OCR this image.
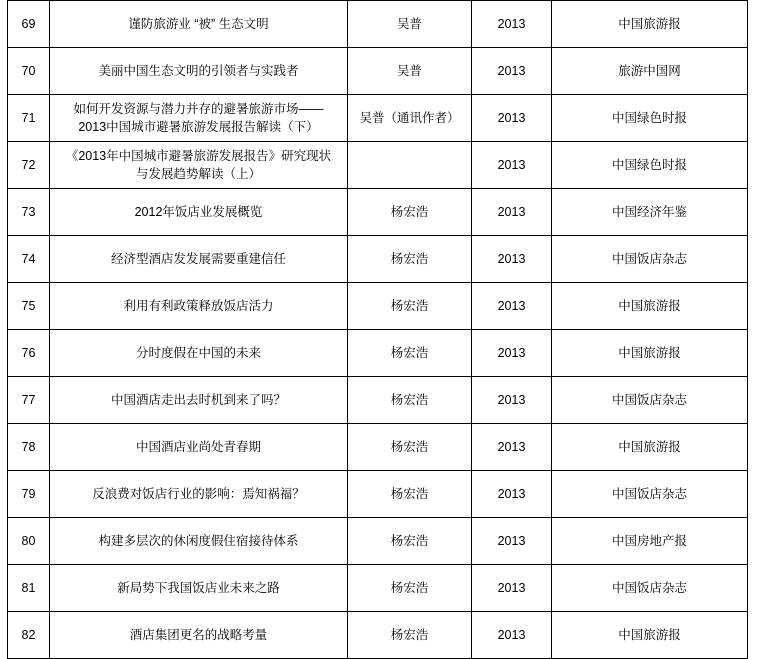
69	谨防旅游业 “被” 生态文明	吴普	2013	中国旅游报
70	美丽中国生态文明的引领者与实践者	吴普	2013	旅游中国网
71	如何开发资源与潜力并存的避暑旅游市场——
2013中国城市避暑旅游发展报告解读（下）	吴普（通讯作者）	2013	中国绿色时报
72	《2013年中国城市避暑旅游发展报告》研究现状
与发展趋势解读（上）		2013	中国绿色时报
73	2012年饭店业发展概览	杨宏浩	2013	中国经济年鉴
74	经济型酒店发发展需要重建信任	杨宏浩	2013	中国饭店杂志
75	利用有利政策释放饭店活力	杨宏浩	2013	中国旅游报
76	分时度假在中国的未来	杨宏浩	2013	中国旅游报
77	中国酒店走出去时机到来了吗？	杨宏浩	2013	中国饭店杂志
78	中国酒店业尚处青春期	杨宏浩	2013	中国旅游报
79	反浪费对饭店行业的影响：焉知祸福？	杨宏浩	2013	中国饭店杂志
80	构建多层次的休闲度假住宿接待体系	杨宏浩	2013	中国房地产报
81	新局势下我国饭店业未来之路	杨宏浩	2013	中国饭店杂志
82	酒店集团更名的战略考量	杨宏浩	2013	中国旅游报
